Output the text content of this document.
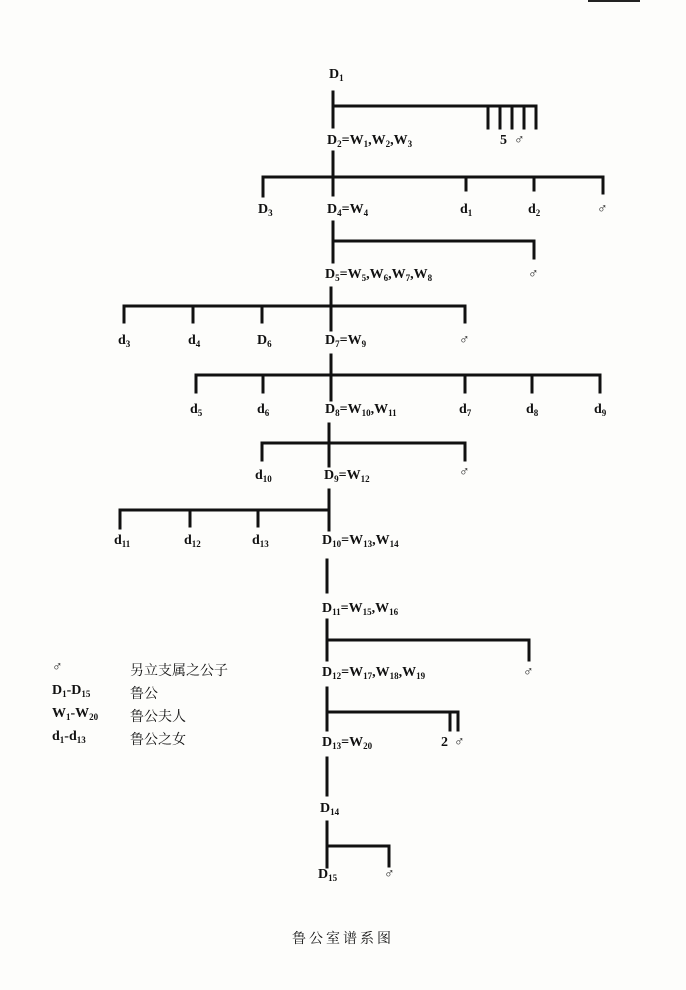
$D_1$
$D_2=W_1,W_2,W_3$	5 ♂
$D_3$	$D_4=W_4$	$d_1$	$d_2$	♂
$D_5=W_5,W_6,W_7,W_8$	♂
$d_3$	$d_4$	$D_6$	$D_7=W_9$	♂
$d_5$	$d_6$	$D_8=W_{10},W_{11}$	$d_7$	$d_8$	$d_9$
$d_{10}$	$D_9=W_{12}$	♂
$d_{11}$	$d_{12}$	$d_{13}$	$D_{10}=W_{13},W_{14}$
$D_{11}=W_{15},W_{16}$
$D_{12}=W_{17},W_{18},W_{19}$	♂
$D_{13}=W_{20}$	2 ♂
$D_{14}$
$D_{15}$	♂
♂	另立支属之公子
$D_1-D_{15}$	鲁公
$W_1-W_{20}$ 鲁公夫人
$d_1-d_{13}$	鲁公之女
鲁公室谱系图
